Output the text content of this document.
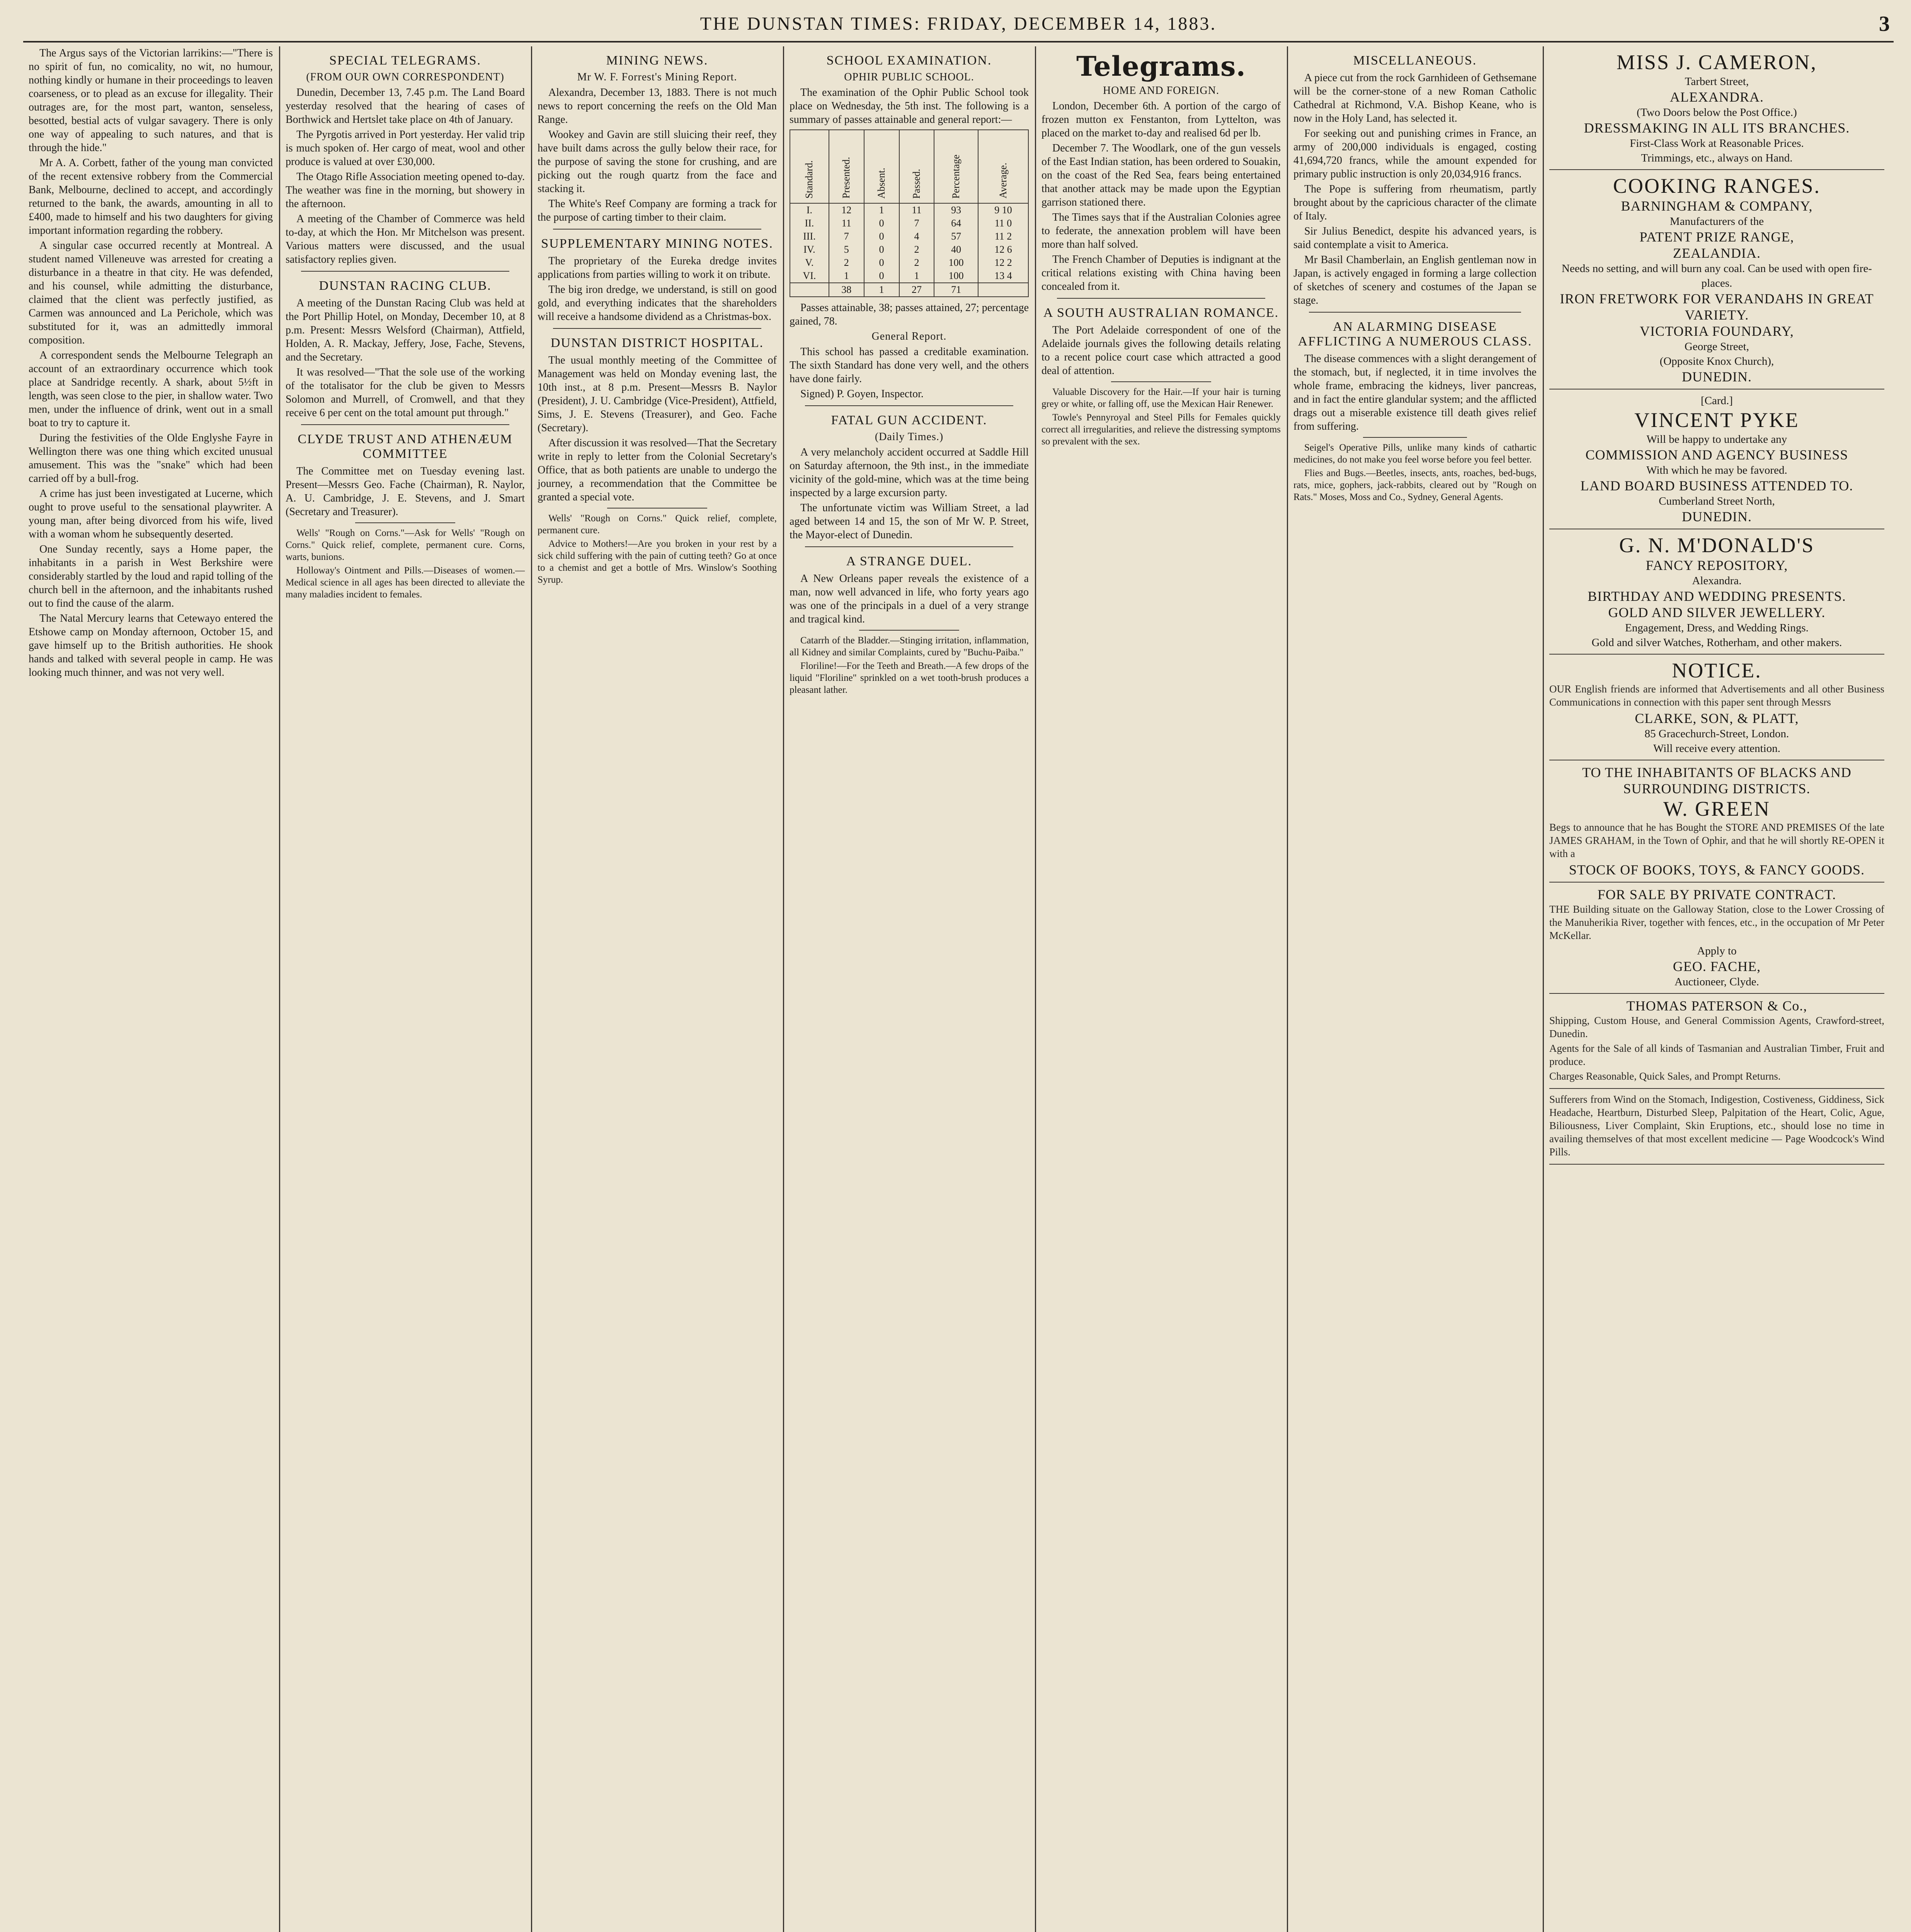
THE DUNSTAN TIMES: FRIDAY, DECEMBER 14, 1883.	3

The Argus says of the Victorian larrikins:—"There is no spirit of fun, no comicality, no wit, no humour, nothing kindly or humane in their proceedings to leaven coarseness, or to plead as an excuse for illegality. Their outrages are, for the most part, wanton, senseless, besotted, bestial acts of vulgar savagery. There is only one way of appealing to such natures, and that is through the hide."

Mr A. A. Corbett, father of the young man convicted of the recent extensive robbery from the Commercial Bank, Melbourne, declined to accept, and accordingly returned to the bank, the awards, amounting in all to £400, made to himself and his two daughters for giving important information regarding the robbery.

A singular case occurred recently at Montreal. A student named Villeneuve was arrested for creating a disturbance in a theatre in that city. He was defended, and his counsel, while admitting the disturbance, claimed that the client was perfectly justified, as Carmen was announced and La Perichole, which was substituted for it, was an admittedly immoral composition.

A correspondent sends the Melbourne Telegraph an account of an extraordinary occurrence which took place at Sandridge recently. A shark, about 5½ft in length, was seen close to the pier, in shallow water. Two men, under the influence of drink, went out in a small boat to try to capture it.

During the festivities of the Olde Englyshe Fayre in Wellington there was one thing which excited unusual amusement. This was the "snake" which had been carried off by a bull-frog.

A crime has just been investigated at Lucerne, which ought to prove useful to the sensational playwriter. A young man, after being divorced from his wife, lived with a woman whom he subsequently deserted.

One Sunday recently, says a Home paper, the inhabitants in a parish in West Berkshire were considerably startled by the loud and rapid tolling of the church bell in the afternoon, and the inhabitants rushed out to find the cause of the alarm.

The Natal Mercury learns that Cetewayo entered the Etshowe camp on Monday afternoon, October 15, and gave himself up to the British authorities. He shook hands and talked with several people in camp. He was looking much thinner, and was not very well.

SPECIAL TELEGRAMS.
(FROM OUR OWN CORRESPONDENT)

Dunedin, December 13, 7.45 p.m. The Land Board yesterday resolved that the hearing of cases of Borthwick and Hertslet take place on 4th of January.

The Pyrgotis arrived in Port yesterday. Her valid trip is much spoken of. Her cargo of meat, wool and other produce is valued at over £30,000.

The Otago Rifle Association meeting opened to-day. The weather was fine in the morning, but showery in the afternoon.

A meeting of the Chamber of Commerce was held to-day, at which the Hon. Mr Mitchelson was present. Various matters were discussed, and the usual satisfactory replies given.

DUNSTAN RACING CLUB.

A meeting of the Dunstan Racing Club was held at the Port Phillip Hotel, on Monday, December 10, at 8 p.m. Present: Messrs Welsford (Chairman), Attfield, Holden, A. R. Mackay, Jeffery, Jose, Fache, Stevens, and the Secretary.

It was resolved—"That the sole use of the working of the totalisator for the club be given to Messrs Solomon and Murrell, of Cromwell, and that they receive 6 per cent on the total amount put through."

CLYDE TRUST AND ATHENÆUM COMMITTEE

The Committee met on Tuesday evening last. Present—Messrs Geo. Fache (Chairman), R. Naylor, A. U. Cambridge, J. E. Stevens, and J. Smart (Secretary and Treasurer).

Wells' "Rough on Corns."—Ask for Wells' "Rough on Corns." Quick relief, complete, permanent cure. Corns, warts, bunions.

Holloway's Ointment and Pills.—Diseases of women.—Medical science in all ages has been directed to alleviate the many maladies incident to females.

MINING NEWS.
Mr W. F. Forrest's Mining Report.

Alexandra, December 13, 1883. There is not much news to report concerning the reefs on the Old Man Range.

Wookey and Gavin are still sluicing their reef, they have built dams across the gully below their race, for the purpose of saving the stone for crushing, and are picking out the rough quartz from the face and stacking it.

The White's Reef Company are forming a track for the purpose of carting timber to their claim.

SUPPLEMENTARY MINING NOTES.

The proprietary of the Eureka dredge invites applications from parties willing to work it on tribute.

The big iron dredge, we understand, is still on good gold, and everything indicates that the shareholders will receive a handsome dividend as a Christmas-box.

DUNSTAN DISTRICT HOSPITAL.

The usual monthly meeting of the Committee of Management was held on Monday evening last, the 10th inst., at 8 p.m. Present—Messrs B. Naylor (President), J. U. Cambridge (Vice-President), Attfield, Sims, J. E. Stevens (Treasurer), and Geo. Fache (Secretary).

After discussion it was resolved—That the Secretary write in reply to letter from the Colonial Secretary's Office, that as both patients are unable to undergo the journey, a recommendation that the Committee be granted a special vote.

Wells' "Rough on Corns." Quick relief, complete, permanent cure.

Advice to Mothers!—Are you broken in your rest by a sick child suffering with the pain of cutting teeth? Go at once to a chemist and get a bottle of Mrs. Winslow's Soothing Syrup.

SCHOOL EXAMINATION.
OPHIR PUBLIC SCHOOL.

The examination of the Ophir Public School took place on Wednesday, the 5th inst. The following is a summary of passes attainable and general report:—

Standard.	Presented.	Absent.	Passed.	Percentage	Average.
I.	12	1	11	93	9 10
II.	11	0	7	64	11 0
III.	7	0	4	57	11 2
IV.	5	0	2	40	12 6
V.	2	0	2	100	12 2
VI.	1	0	1	100	13 4
	38	1	27	71	

Passes attainable, 38; passes attained, 27; percentage gained, 78.

General Report.

This school has passed a creditable examination. The sixth Standard has done very well, and the others have done fairly.

Signed) P. Goyen, Inspector.

FATAL GUN ACCIDENT.
(Daily Times.)

A very melancholy accident occurred at Saddle Hill on Saturday afternoon, the 9th inst., in the immediate vicinity of the gold-mine, which was at the time being inspected by a large excursion party.

The unfortunate victim was William Street, a lad aged between 14 and 15, the son of Mr W. P. Street, the Mayor-elect of Dunedin.

A STRANGE DUEL.

A New Orleans paper reveals the existence of a man, now well advanced in life, who forty years ago was one of the principals in a duel of a very strange and tragical kind.

Catarrh of the Bladder.—Stinging irritation, inflammation, all Kidney and similar Complaints, cured by "Buchu-Paiba."

Floriline!—For the Teeth and Breath.—A few drops of the liquid "Floriline" sprinkled on a wet tooth-brush produces a pleasant lather.

Telegrams.
HOME AND FOREIGN.

London, December 6th. A portion of the cargo of frozen mutton ex Fenstanton, from Lyttelton, was placed on the market to-day and realised 6d per lb.

December 7. The Woodlark, one of the gun vessels of the East Indian station, has been ordered to Souakin, on the coast of the Red Sea, fears being entertained that another attack may be made upon the Egyptian garrison stationed there.

The Times says that if the Australian Colonies agree to federate, the annexation problem will have been more than half solved.

The French Chamber of Deputies is indignant at the critical relations existing with China having been concealed from it.

A SOUTH AUSTRALIAN ROMANCE.

The Port Adelaide correspondent of one of the Adelaide journals gives the following details relating to a recent police court case which attracted a good deal of attention.

Valuable Discovery for the Hair.—If your hair is turning grey or white, or falling off, use the Mexican Hair Renewer.

Towle's Pennyroyal and Steel Pills for Females quickly correct all irregularities, and relieve the distressing symptoms so prevalent with the sex.

MISCELLANEOUS.

A piece cut from the rock Garnhideen of Gethsemane will be the corner-stone of a new Roman Catholic Cathedral at Richmond, V.A. Bishop Keane, who is now in the Holy Land, has selected it.

For seeking out and punishing crimes in France, an army of 200,000 individuals is engaged, costing 41,694,720 francs, while the amount expended for primary public instruction is only 20,034,916 francs.

The Pope is suffering from rheumatism, partly brought about by the capricious character of the climate of Italy.

Sir Julius Benedict, despite his advanced years, is said contemplate a visit to America.

Mr Basil Chamberlain, an English gentleman now in Japan, is actively engaged in forming a large collection of sketches of scenery and costumes of the Japan se stage.

AN ALARMING DISEASE AFFLICTING A NUMEROUS CLASS.

The disease commences with a slight derangement of the stomach, but, if neglected, it in time involves the whole frame, embracing the kidneys, liver pancreas, and in fact the entire glandular system; and the afflicted drags out a miserable existence till death gives relief from suffering.

Seigel's Operative Pills, unlike many kinds of cathartic medicines, do not make you feel worse before you feel better.

Flies and Bugs.—Beetles, insects, ants, roaches, bed-bugs, rats, mice, gophers, jack-rabbits, cleared out by "Rough on Rats." Moses, Moss and Co., Sydney, General Agents.

MISS J. CAMERON,
Tarbert Street,
ALEXANDRA.
(Two Doors below the Post Office.)
DRESSMAKING IN ALL ITS BRANCHES.
First-Class Work at Reasonable Prices.
Trimmings, etc., always on Hand.
COOKING RANGES.
BARNINGHAM & COMPANY,
Manufacturers of the
PATENT PRIZE RANGE,
ZEALANDIA.
Needs no setting, and will burn any coal. Can be used with open fire-places.
IRON FRETWORK FOR VERANDAHS IN GREAT VARIETY.
VICTORIA FOUNDARY,
George Street,
(Opposite Knox Church),
DUNEDIN.
[Card.]
VINCENT PYKE
Will be happy to undertake any
COMMISSION AND AGENCY BUSINESS
With which he may be favored.
LAND BOARD BUSINESS ATTENDED TO.
Cumberland Street North,
DUNEDIN.
G. N. M'DONALD'S
FANCY REPOSITORY,
Alexandra.
BIRTHDAY AND WEDDING PRESENTS.
GOLD AND SILVER JEWELLERY.
Engagement, Dress, and Wedding Rings.
Gold and silver Watches, Rotherham, and other makers.
NOTICE.

OUR English friends are informed that Advertisements and all other Business Communications in connection with this paper sent through Messrs

CLARKE, SON, & PLATT,
85 Gracechurch-Street, London.
Will receive every attention.
TO THE INHABITANTS OF BLACKS AND SURROUNDING DISTRICTS.
W. GREEN

Begs to announce that he has Bought the STORE AND PREMISES Of the late JAMES GRAHAM, in the Town of Ophir, and that he will shortly RE-OPEN it with a

STOCK OF BOOKS, TOYS, & FANCY GOODS.
FOR SALE BY PRIVATE CONTRACT.

THE Building situate on the Galloway Station, close to the Lower Crossing of the Manuherikia River, together with fences, etc., in the occupation of Mr Peter McKellar.

Apply to
GEO. FACHE,
Auctioneer, Clyde.
THOMAS PATERSON & Co.,

Shipping, Custom House, and General Commission Agents, Crawford-street, Dunedin.

Agents for the Sale of all kinds of Tasmanian and Australian Timber, Fruit and produce.

Charges Reasonable, Quick Sales, and Prompt Returns.

Sufferers from Wind on the Stomach, Indigestion, Costiveness, Giddiness, Sick Headache, Heartburn, Disturbed Sleep, Palpitation of the Heart, Colic, Ague, Biliousness, Liver Complaint, Skin Eruptions, etc., should lose no time in availing themselves of that most excellent medicine — Page Woodcock's Wind Pills.
